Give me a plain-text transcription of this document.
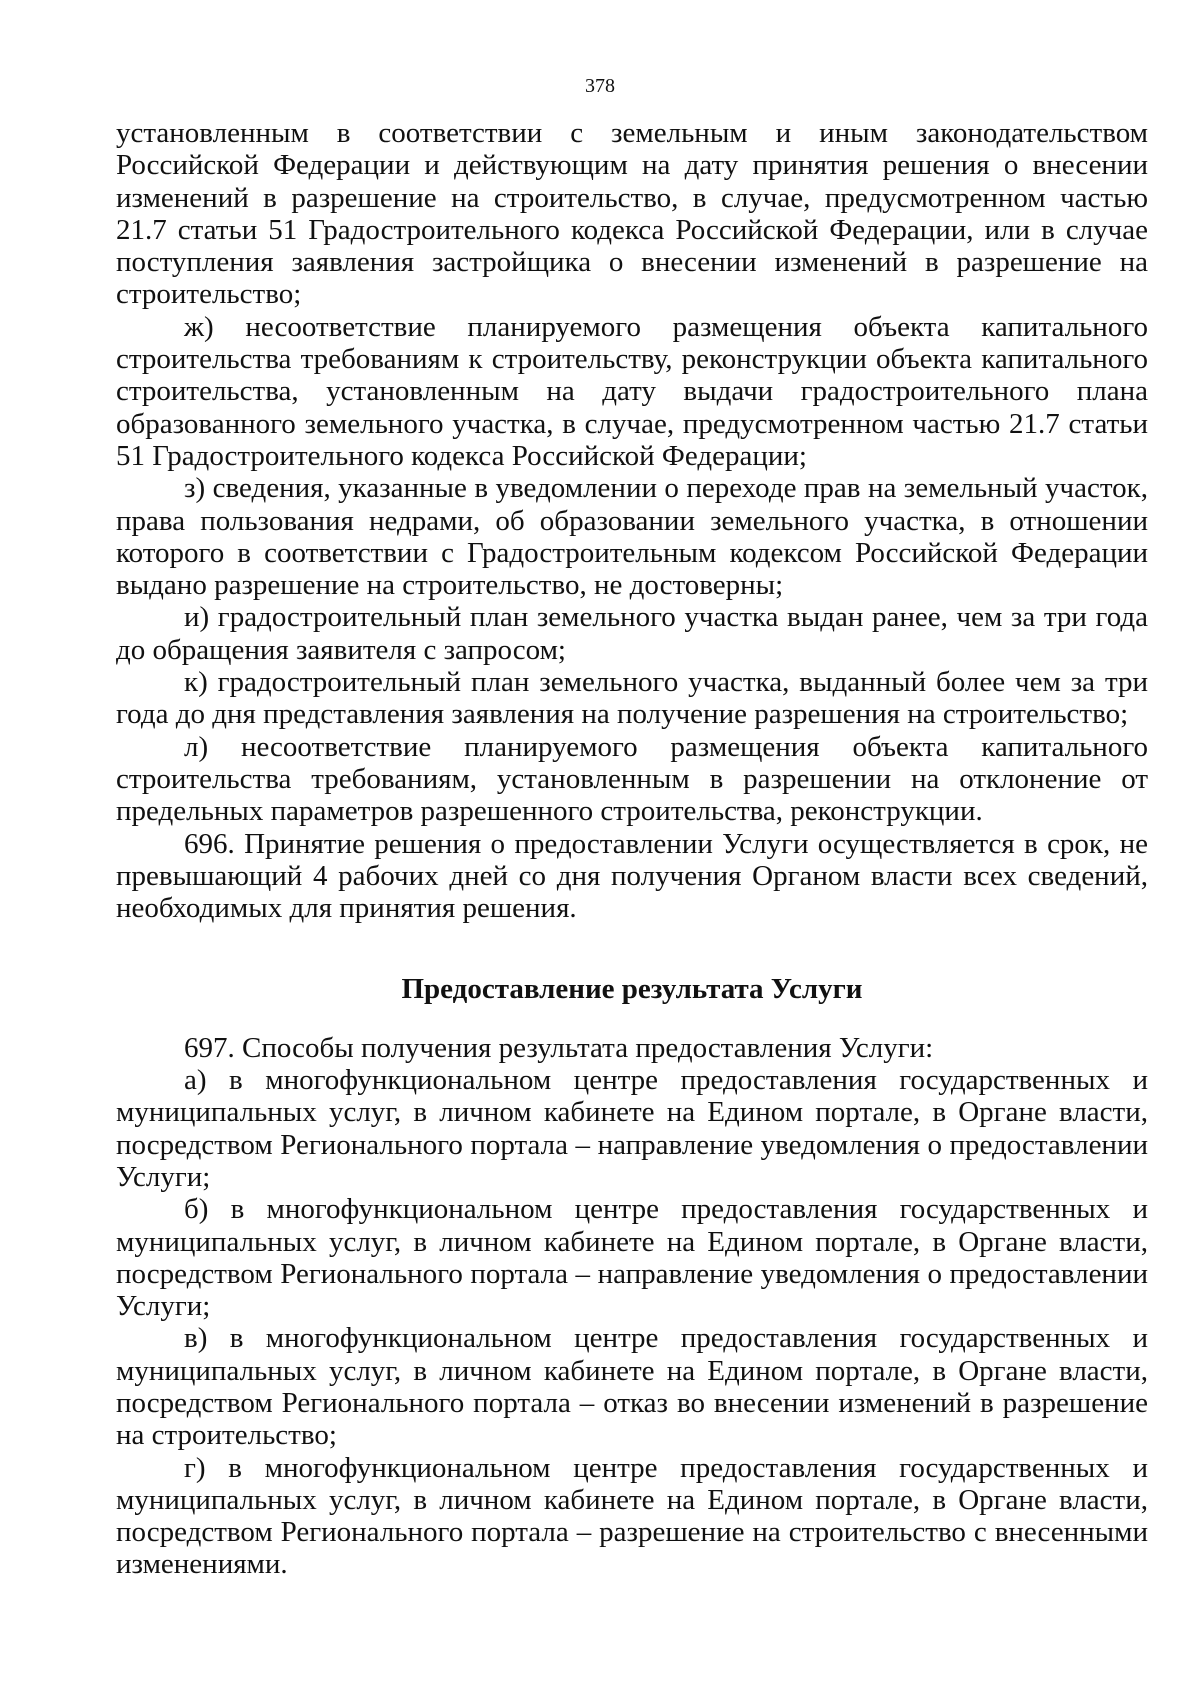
378

установленным в соответствии с земельным и иным законодательством Российской Федерации и действующим на дату принятия решения о внесении изменений в разрешение на строительство, в случае, предусмотренном частью 21.7 статьи 51 Градостроительного кодекса Российской Федерации, или в случае поступления заявления застройщика о внесении изменений в разрешение на строительство;

ж) несоответствие планируемого размещения объекта капитального строительства требованиям к строительству, реконструкции объекта капитального строительства, установленным на дату выдачи градостроительного плана образованного земельного участка, в случае, предусмотренном частью 21.7 статьи 51 Градостроительного кодекса Российской Федерации;

з) сведения, указанные в уведомлении о переходе прав на земельный участок, права пользования недрами, об образовании земельного участка, в отношении которого в соответствии с Градостроительным кодексом Российской Федерации выдано разрешение на строительство, не достоверны;

и) градостроительный план земельного участка выдан ранее, чем за три года до обращения заявителя с запросом;

к) градостроительный план земельного участка, выданный более чем за три года до дня представления заявления на получение разрешения на строительство;

л) несоответствие планируемого размещения объекта капитального строительства требованиям, установленным в разрешении на отклонение от предельных параметров разрешенного строительства, реконструкции.

696. Принятие решения о предоставлении Услуги осуществляется в срок, не превышающий 4 рабочих дней со дня получения Органом власти всех сведений, необходимых для принятия решения.

Предоставление результата Услуги

697. Способы получения результата предоставления Услуги:

а) в многофункциональном центре предоставления государственных и муниципальных услуг, в личном кабинете на Едином портале, в Органе власти, посредством Регионального портала – направление уведомления о предоставлении Услуги;

б) в многофункциональном центре предоставления государственных и муниципальных услуг, в личном кабинете на Едином портале, в Органе власти, посредством Регионального портала – направление уведомления о предоставлении Услуги;

в) в многофункциональном центре предоставления государственных и муниципальных услуг, в личном кабинете на Едином портале, в Органе власти, посредством Регионального портала – отказ во внесении изменений в разрешение на строительство;

г) в многофункциональном центре предоставления государственных и муниципальных услуг, в личном кабинете на Едином портале, в Органе власти, посредством Регионального портала – разрешение на строительство с внесенными изменениями.
